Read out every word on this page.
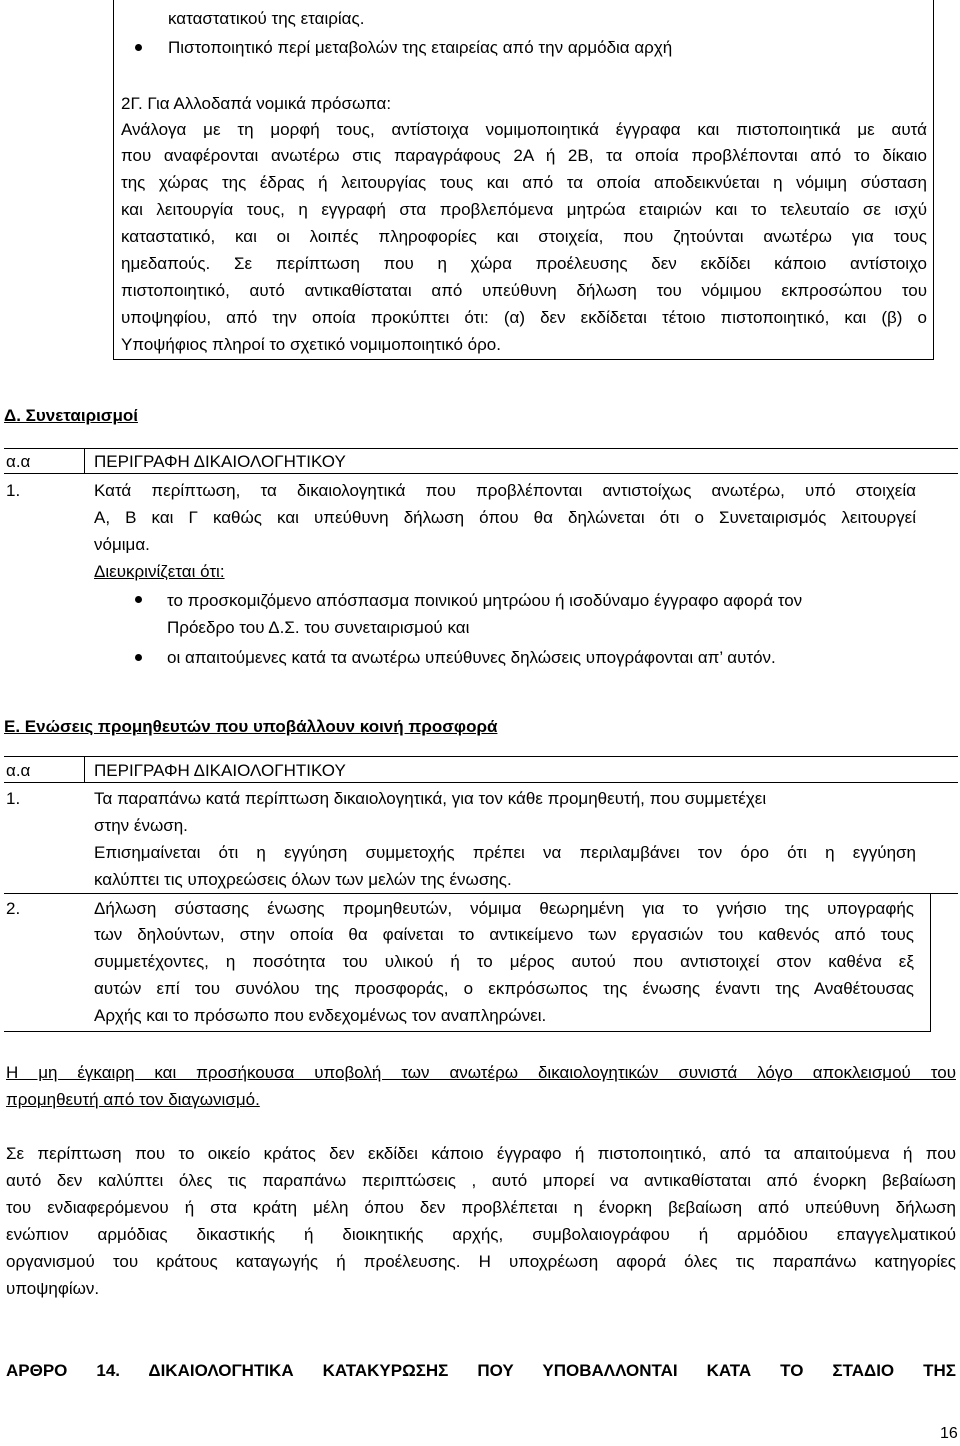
καταστατικού της εταιρίας.
Πιστοποιητικό περί μεταβολών της εταιρείας από την αρμόδια αρχή
2Γ. Για Αλλοδαπά νομικά πρόσωπα:
Ανάλογα με τη μορφή τους, αντίστοιχα νομιμοποιητικά έγγραφα και πιστοποιητικά με αυτά
που αναφέρονται ανωτέρω στις παραγράφους 2Α ή 2Β, τα οποία προβλέπονται από το δίκαιο
της χώρας της έδρας ή λειτουργίας τους και από τα οποία αποδεικνύεται η νόμιμη σύσταση
και λειτουργία τους, η εγγραφή στα προβλεπόμενα μητρώα εταιριών και το τελευταίο σε ισχύ
καταστατικό, και οι λοιπές πληροφορίες και στοιχεία, που ζητούνται ανωτέρω για τους
ημεδαπούς. Σε περίπτωση που η χώρα προέλευσης δεν εκδίδει κάποιο αντίστοιχο
πιστοποιητικό, αυτό αντικαθίσταται από υπεύθυνη δήλωση του νόμιμου εκπροσώπου του
υποψηφίου, από την οποία προκύπτει ότι: (α) δεν εκδίδεται τέτοιο πιστοποιητικό, και (β) ο
Υποψήφιος πληροί το σχετικό νομιμοποιητικό όρο.
Δ. Συνεταιρισμοί
α.α	ΠΕΡΙΓΡΑΦΗ ΔΙΚΑΙΟΛΟΓΗΤΙΚΟΥ
1.	Κατά περίπτωση, τα δικαιολογητικά που προβλέπονται αντιστοίχως ανωτέρω, υπό στοιχεία
Α, Β και Γ καθώς και υπεύθυνη δήλωση όπου θα δηλώνεται ότι ο Συνεταιρισμός λειτουργεί
νόμιμα.
Διευκρινίζεται ότι:
το προσκομιζόμενο απόσπασμα ποινικού μητρώου ή ισοδύναμο έγγραφο αφορά τον
Πρόεδρο του Δ.Σ. του συνεταιρισμού και
οι απαιτούμενες κατά τα ανωτέρω υπεύθυνες δηλώσεις υπογράφονται απ’ αυτόν.
Ε. Ενώσεις προμηθευτών που υποβάλλουν κοινή προσφορά
α.α	ΠΕΡΙΓΡΑΦΗ ΔΙΚΑΙΟΛΟΓΗΤΙΚΟΥ
1.	Τα παραπάνω κατά περίπτωση δικαιολογητικά, για τον κάθε προμηθευτή, που συμμετέχει
στην ένωση.
Επισημαίνεται ότι η εγγύηση συμμετοχής πρέπει να περιλαμβάνει τον όρο ότι η εγγύηση
καλύπτει τις υποχρεώσεις όλων των μελών της ένωσης.
2.	Δήλωση σύστασης ένωσης προμηθευτών, νόμιμα θεωρημένη για το γνήσιο της υπογραφής
των δηλούντων, στην οποία θα φαίνεται το αντικείμενο των εργασιών του καθενός από τους
συμμετέχοντες, η ποσότητα του υλικού ή το μέρος αυτού που αντιστοιχεί στον καθένα εξ
αυτών επί του συνόλου της προσφοράς, ο εκπρόσωπος της ένωσης έναντι της Αναθέτουσας
Αρχής και το πρόσωπο που ενδεχομένως τον αναπληρώνει.
Η μη έγκαιρη και προσήκουσα υποβολή των ανωτέρω δικαιολογητικών συνιστά λόγο αποκλεισμού του
προμηθευτή από τον διαγωνισμό.
Σε περίπτωση που το οικείο κράτος δεν εκδίδει κάποιο έγγραφο ή πιστοποιητικό, από τα απαιτούμενα ή που
αυτό δεν καλύπτει όλες τις παραπάνω περιπτώσεις , αυτό μπορεί να αντικαθίσταται από ένορκη βεβαίωση
του ενδιαφερόμενου ή στα κράτη μέλη όπου δεν προβλέπεται η ένορκη βεβαίωση από υπεύθυνη δήλωση
ενώπιον αρμόδιας δικαστικής ή διοικητικής αρχής, συμβολαιογράφου ή αρμόδιου επαγγελματικού
οργανισμού του κράτους καταγωγής ή προέλευσης. Η υποχρέωση αφορά όλες τις παραπάνω κατηγορίες
υποψηφίων.
ΑΡΘΡΟ 14. ΔΙΚΑΙΟΛΟΓΗΤΙΚΑ ΚΑΤΑΚΥΡΩΣΗΣ ΠΟΥ ΥΠΟΒΑΛΛΟΝΤΑΙ ΚΑΤΑ ΤΟ ΣΤΑΔΙΟ ΤΗΣ
16
